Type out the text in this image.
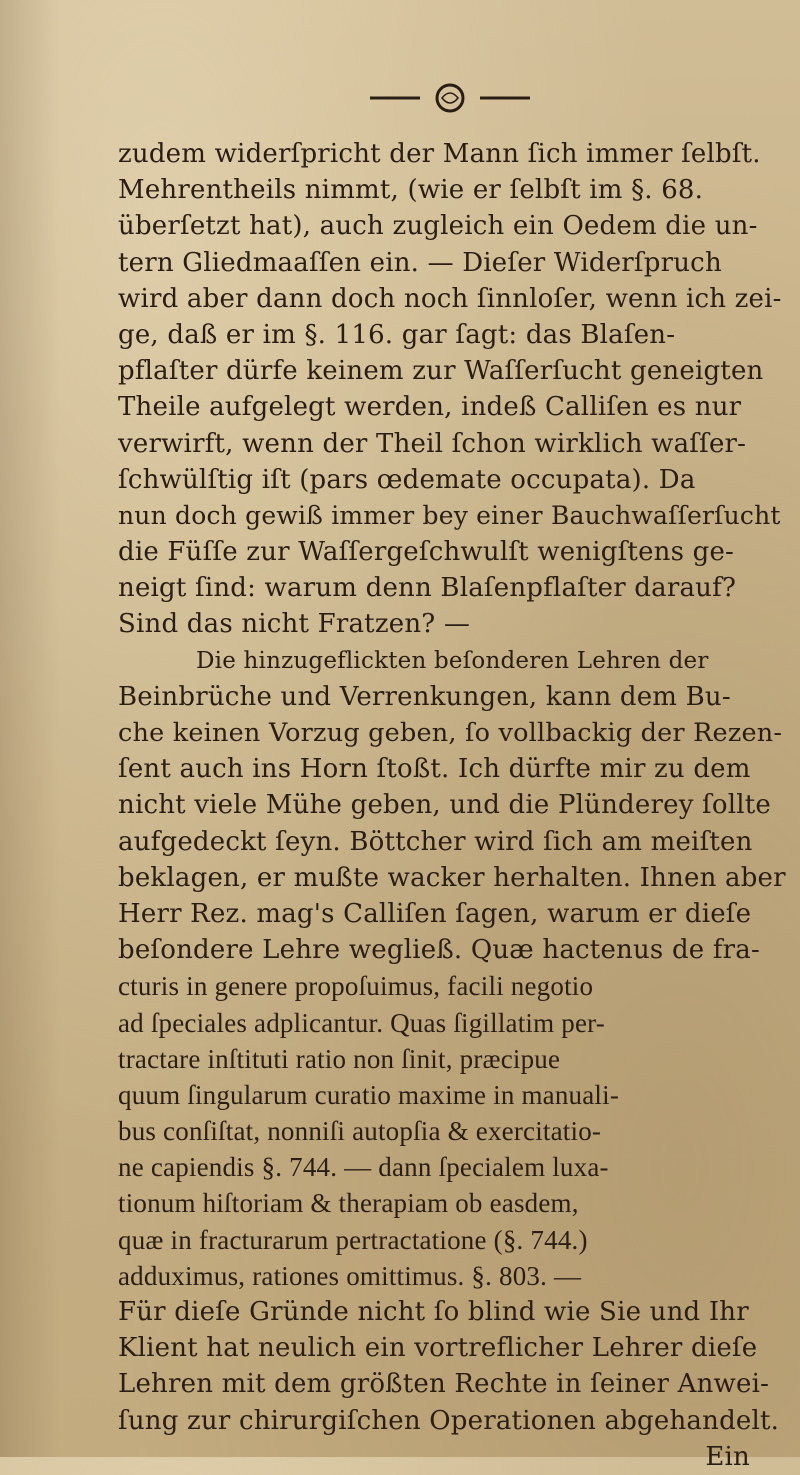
zudem widerſpricht der Mann ſich immer ſelbſt.
Mehrentheils nimmt, (wie er ſelbſt im §. 68.
überſetzt hat), auch zugleich ein Oedem die un-
tern Gliedmaaſſen ein. — Dieſer Widerſpruch
wird aber dann doch noch ſinnloſer, wenn ich zei-
ge, daß er im §. 116. gar ſagt: das Blaſen-
pflaſter dürfe keinem zur Waſſerſucht geneigten
Theile aufgelegt werden, indeß Calliſen es nur
verwirft, wenn der Theil ſchon wirklich waſſer-
ſchwülſtig iſt (pars œdemate occupata). Da
nun doch gewiß immer bey einer Bauchwaſſerſucht
die Füſſe zur Waſſergeſchwulſt wenigſtens ge-
neigt ſind: warum denn Blaſenpflaſter darauf?
Sind das nicht Fratzen? —
Die hinzugeflickten beſonderen Lehren der
Beinbrüche und Verrenkungen, kann dem Bu-
che keinen Vorzug geben, ſo vollbackig der Rezen-
ſent auch ins Horn ſtoßt. Ich dürfte mir zu dem
nicht viele Mühe geben, und die Plünderey ſollte
aufgedeckt ſeyn. Böttcher wird ſich am meiſten
beklagen, er mußte wacker herhalten. Ihnen aber
Herr Rez. mag's Calliſen ſagen, warum er dieſe
beſondere Lehre wegließ. Quæ hactenus de fra-
cturis in genere propoſuimus, facili negotio
ad ſpeciales adplicantur. Quas ſigillatim per-
tractare inſtituti ratio non ſinit, præcipue
quum ſingularum curatio maxime in manuali-
bus conſiſtat, nonniſi autopſia & exercitatio-
ne capiendis §. 744. — dann ſpecialem luxa-
tionum hiſtoriam & therapiam ob easdem,
quæ in fracturarum pertractatione (§. 744.)
adduximus, rationes omittimus. §. 803. —
Für dieſe Gründe nicht ſo blind wie Sie und Ihr
Klient hat neulich ein vortreflicher Lehrer dieſe
Lehren mit dem größten Rechte in ſeiner Anwei-
ſung zur chirurgiſchen Operationen abgehandelt.
Ein
